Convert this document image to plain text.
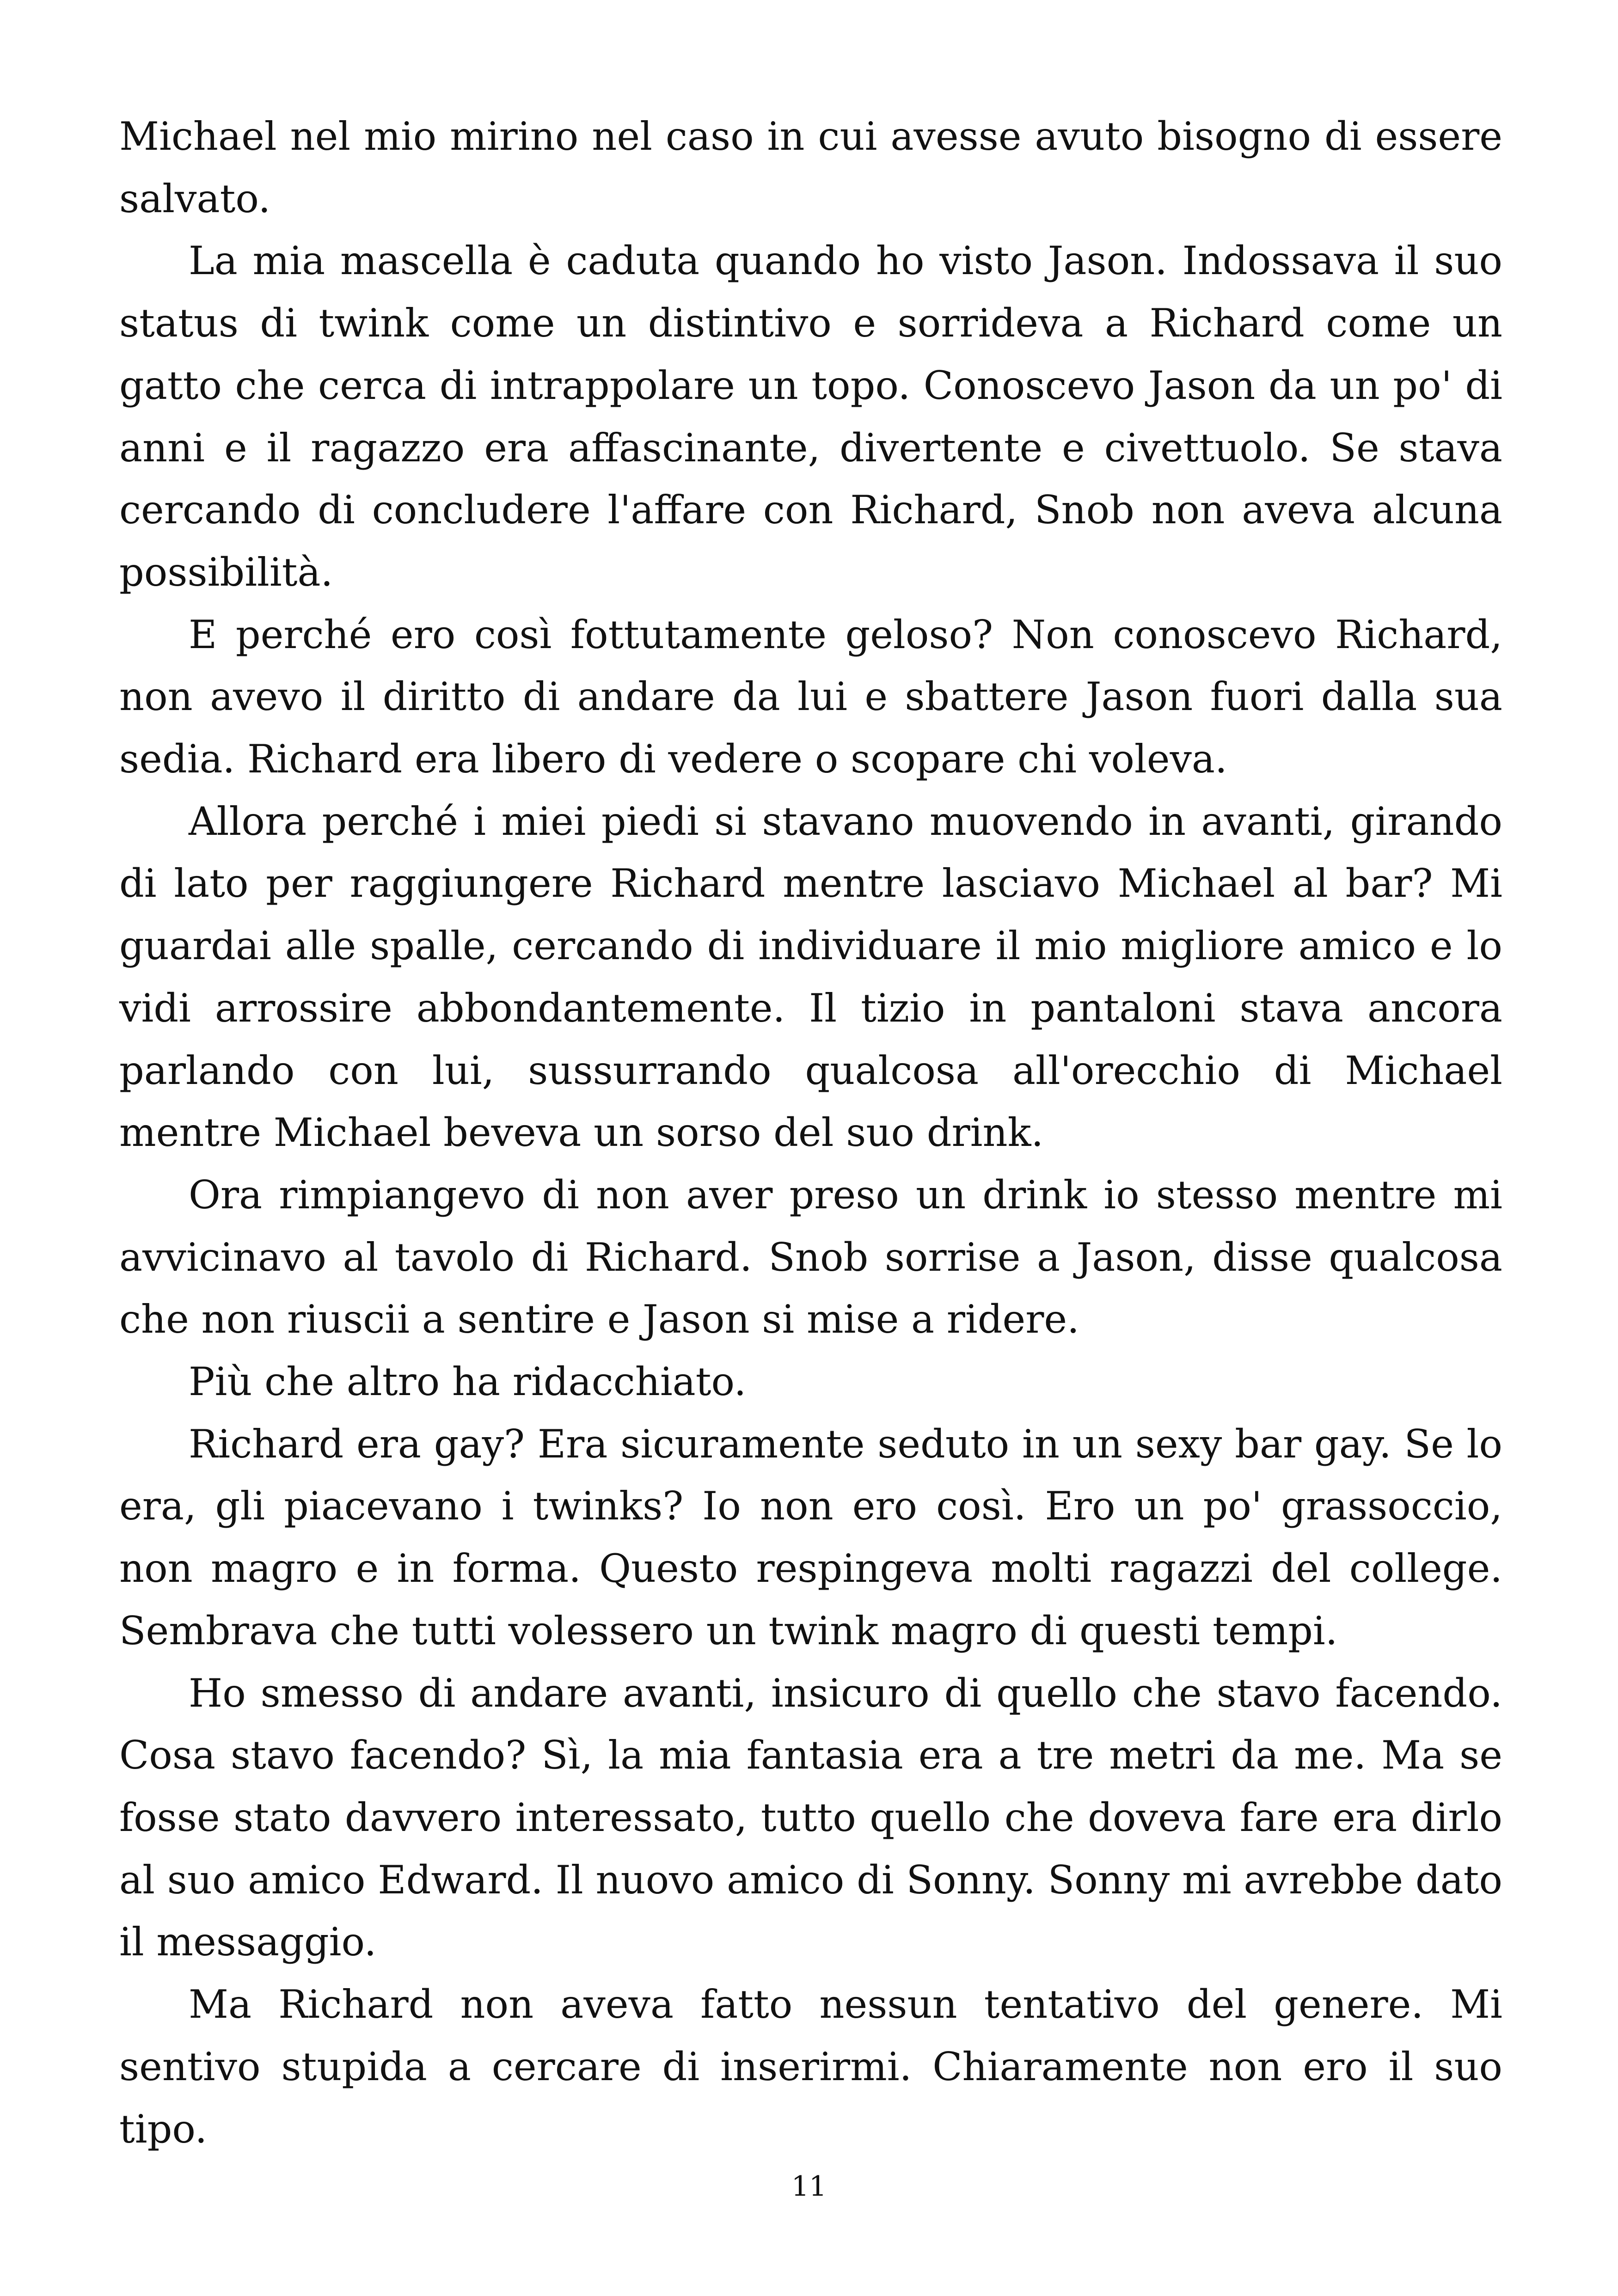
Michael nel mio mirino nel caso in cui avesse avuto bisogno di essere salvato.

La mia mascella è caduta quando ho visto Jason. Indossava il suo status di twink come un distintivo e sorrideva a Richard come un gatto che cerca di intrappolare un topo. Conoscevo Jason da un po' di anni e il ragazzo era affascinante, divertente e civettuolo. Se stava cercando di concludere l'affare con Richard, Snob non aveva alcuna possibilità.

E perché ero così fottutamente geloso? Non conoscevo Richard, non avevo il diritto di andare da lui e sbattere Jason fuori dalla sua sedia. Richard era libero di vedere o scopare chi voleva.

Allora perché i miei piedi si stavano muovendo in avanti, girando di lato per raggiungere Richard mentre lasciavo Michael al bar? Mi guardai alle spalle, cercando di individuare il mio migliore amico e lo vidi arrossire abbondantemente. Il tizio in pantaloni stava ancora parlando con lui, sussurrando qualcosa all'orecchio di Michael mentre Michael beveva un sorso del suo drink.

Ora rimpiangevo di non aver preso un drink io stesso mentre mi avvicinavo al tavolo di Richard. Snob sorrise a Jason, disse qualcosa che non riuscii a sentire e Jason si mise a ridere.

Più che altro ha ridacchiato.

Richard era gay? Era sicuramente seduto in un sexy bar gay. Se lo era, gli piacevano i twinks? Io non ero così. Ero un po' grassoccio, non magro e in forma. Questo respingeva molti ragazzi del college. Sembrava che tutti volessero un twink magro di questi tempi.

Ho smesso di andare avanti, insicuro di quello che stavo facendo. Cosa stavo facendo? Sì, la mia fantasia era a tre metri da me. Ma se fosse stato davvero interessato, tutto quello che doveva fare era dirlo al suo amico Edward. Il nuovo amico di Sonny. Sonny mi avrebbe dato il messaggio.

Ma Richard non aveva fatto nessun tentativo del genere. Mi sentivo stupida a cercare di inserirmi. Chiaramente non ero il suo tipo.

11
